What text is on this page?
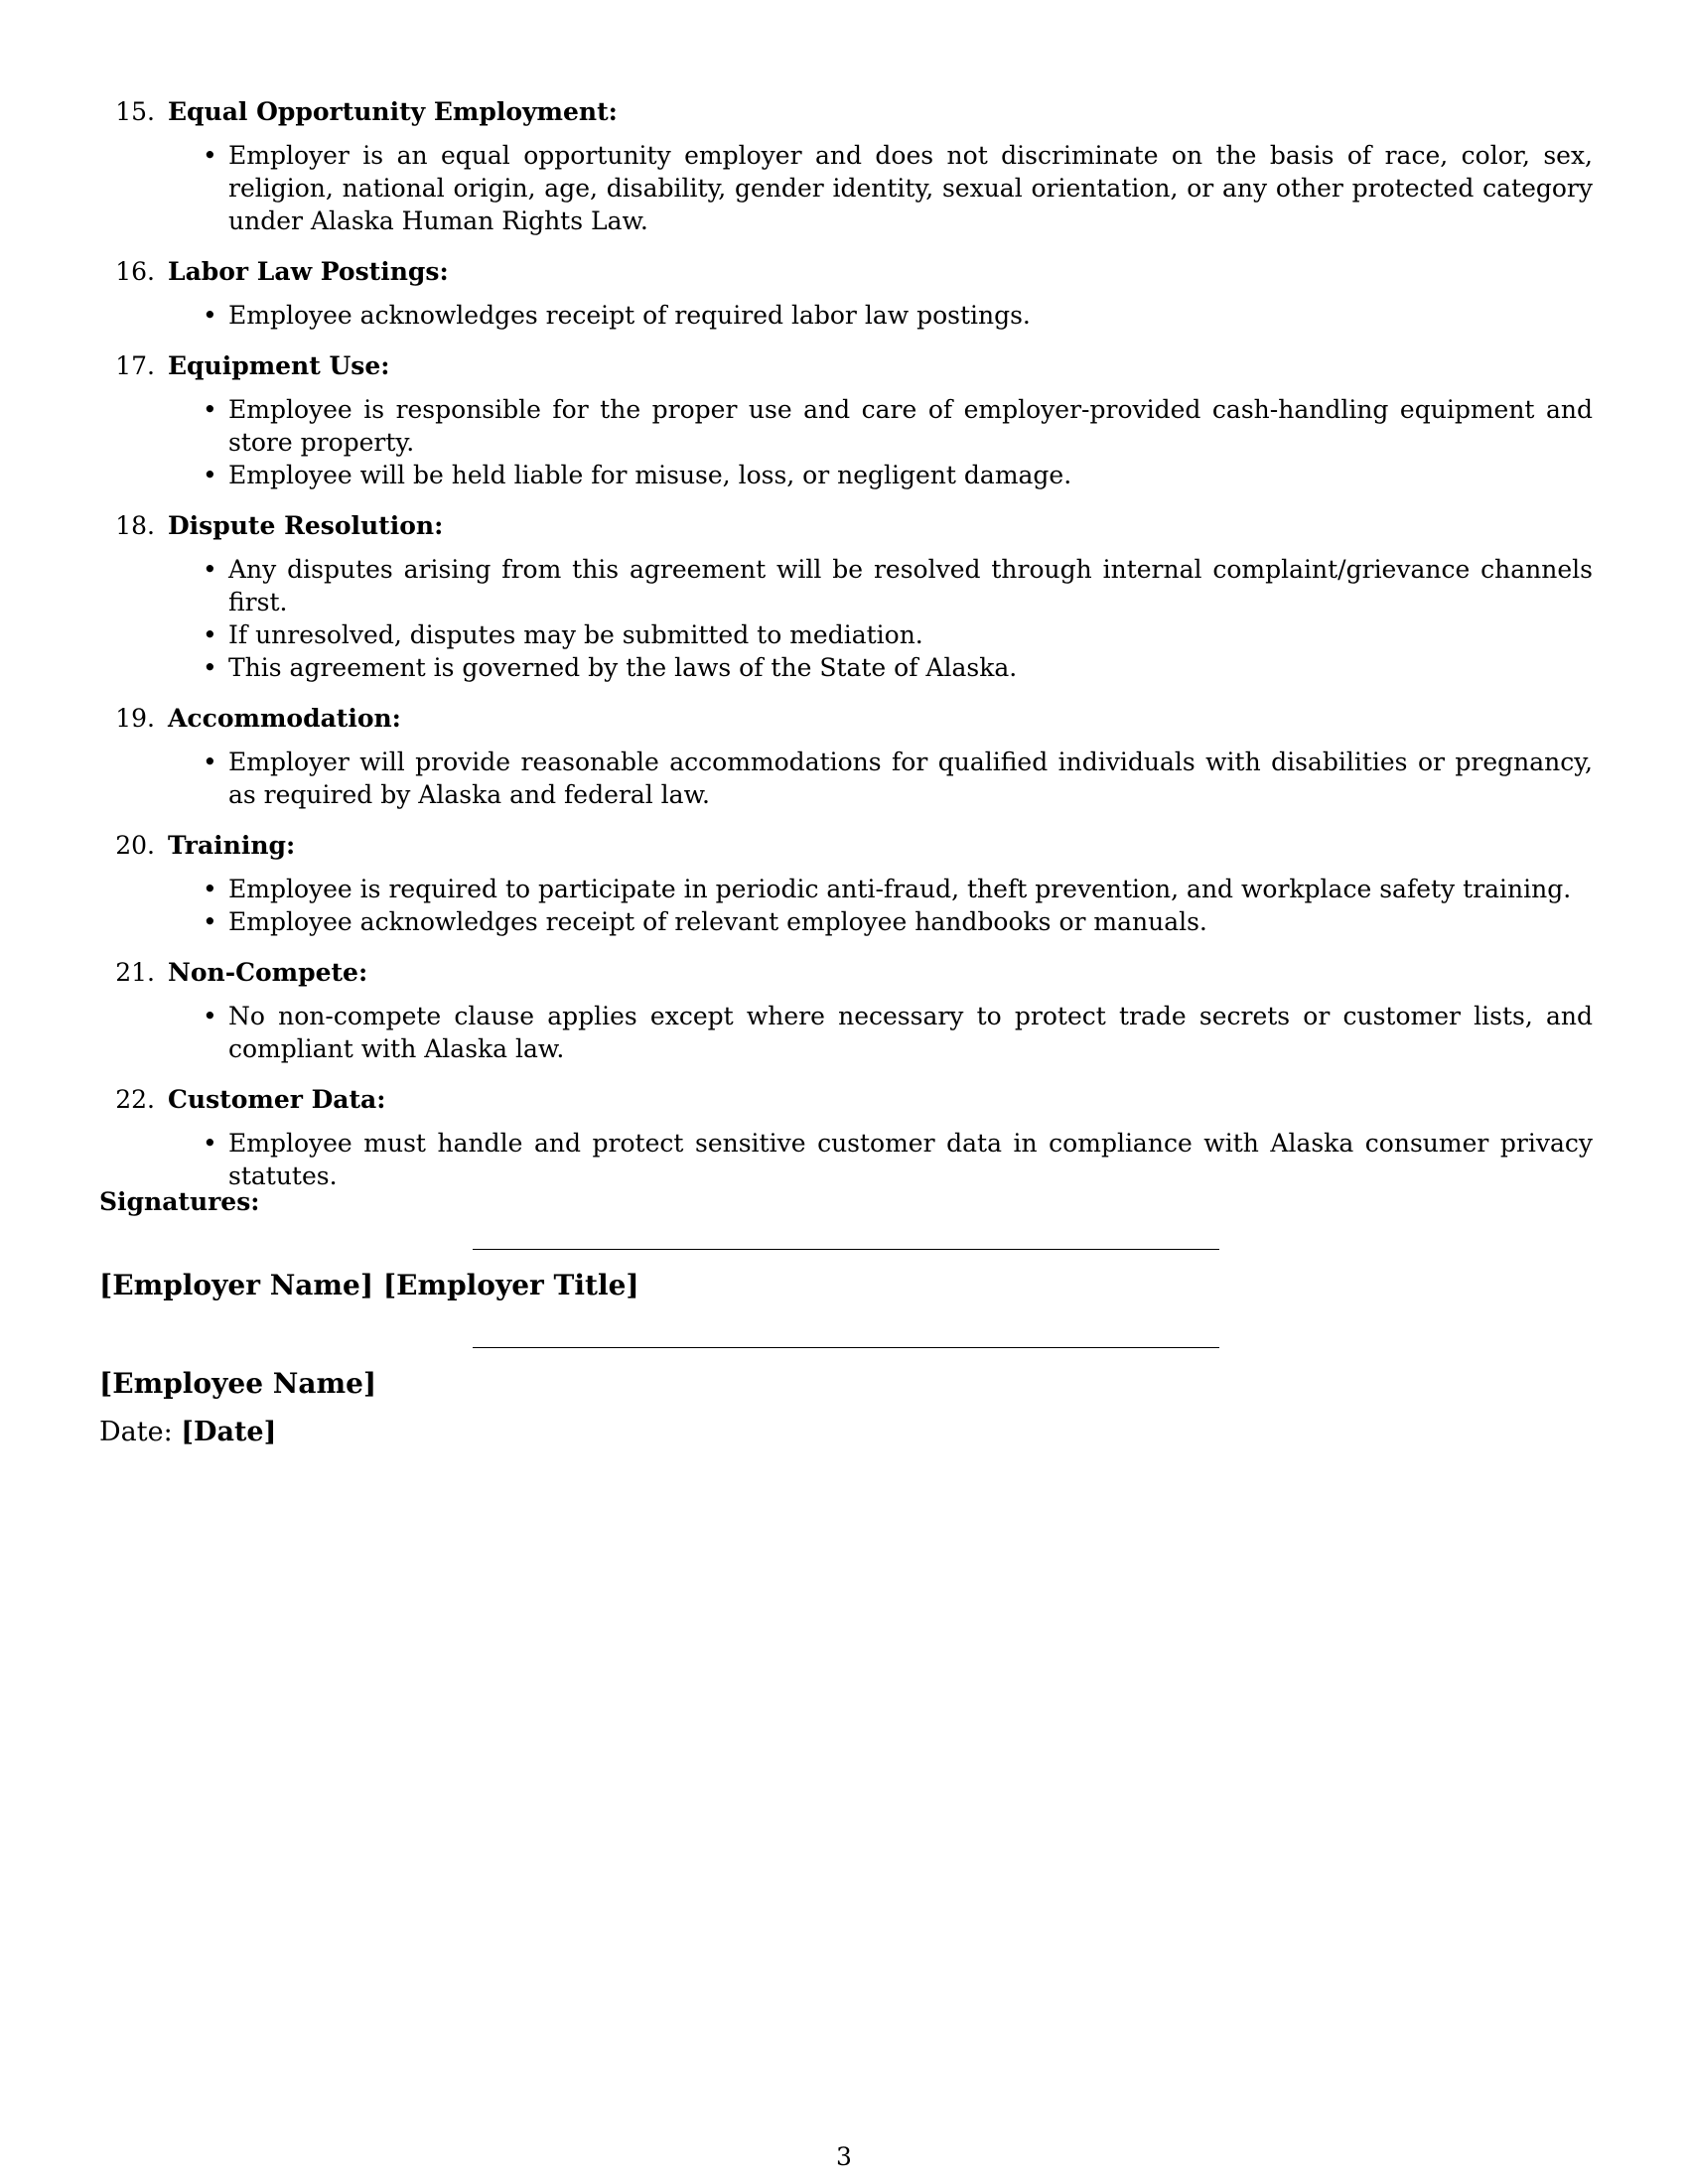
15. Equal Opportunity Employment:
• Employer is an equal opportunity employer and does not discriminate on the basis of race, color, sex, religion, national origin, age, disability, gender identity, sexual orientation, or any other protected category under Alaska Human Rights Law.
16. Labor Law Postings:
• Employee acknowledges receipt of required labor law postings.
17. Equipment Use:
• Employee is responsible for the proper use and care of employer-provided cash-handling equipment and store property.
• Employee will be held liable for misuse, loss, or negligent damage.
18. Dispute Resolution:
• Any disputes arising from this agreement will be resolved through internal complaint/grievance channels first.
• If unresolved, disputes may be submitted to mediation.
• This agreement is governed by the laws of the State of Alaska.
19. Accommodation:
• Employer will provide reasonable accommodations for qualified individuals with disabilities or pregnancy, as required by Alaska and federal law.
20. Training:
• Employee is required to participate in periodic anti-fraud, theft prevention, and workplace safety training.
• Employee acknowledges receipt of relevant employee handbooks or manuals.
21. Non-Compete:
• No non-compete clause applies except where necessary to protect trade secrets or customer lists, and compliant with Alaska law.
22. Customer Data:
• Employee must handle and protect sensitive customer data in compliance with Alaska consumer privacy statutes.
Signatures:
[Employer Name] [Employer Title]
[Employee Name]
Date: [Date]
3
